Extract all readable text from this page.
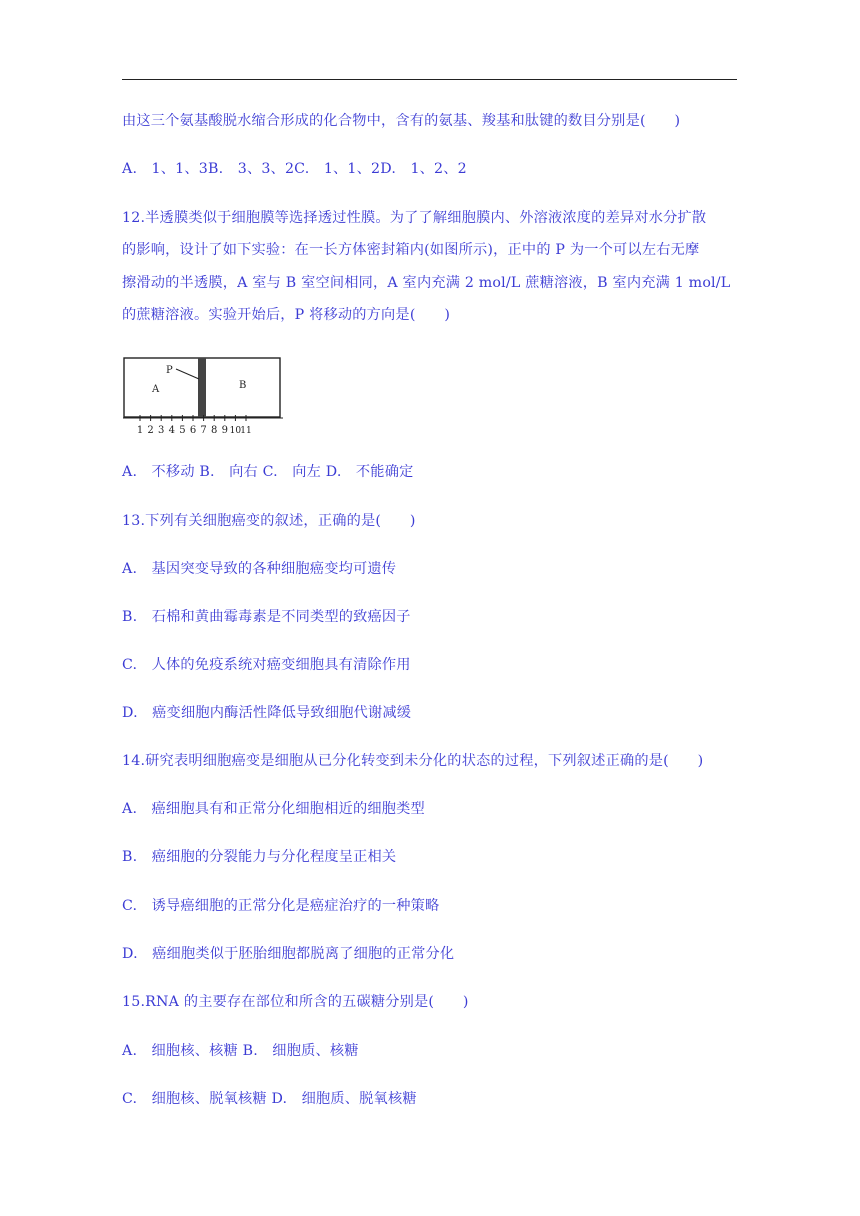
由这三个氨基酸脱水缩合形成的化合物中，含有的氨基、羧基和肽键的数目分别是(　　)
A.　1、1、3B.　3、3、2C.　1、1、2D.　1、2、2
12.半透膜类似于细胞膜等选择透过性膜。为了了解细胞膜内、外溶液浓度的差异对水分扩散
的影响，设计了如下实验：在一长方体密封箱内(如图所示)，正中的 P 为一个可以左右无摩
擦滑动的半透膜，A 室与 B 室空间相同，A 室内充满 2 mol/L 蔗糖溶液，B 室内充满 1 mol/L
的蔗糖溶液。实验开始后，P 将移动的方向是(　　)
P
A	B
1 2 3 4 5 6 7 8 9 10 11
A.　不移动 B.　向右 C.　向左 D.　不能确定
13.下列有关细胞癌变的叙述，正确的是(　　)
A.　基因突变导致的各种细胞癌变均可遗传
B.　石棉和黄曲霉毒素是不同类型的致癌因子
C.　人体的免疫系统对癌变细胞具有清除作用
D.　癌变细胞内酶活性降低导致细胞代谢减缓
14.研究表明细胞癌变是细胞从已分化转变到未分化的状态的过程，下列叙述正确的是(　　)
A.　癌细胞具有和正常分化细胞相近的细胞类型
B.　癌细胞的分裂能力与分化程度呈正相关
C.　诱导癌细胞的正常分化是癌症治疗的一种策略
D.　癌细胞类似于胚胎细胞都脱离了细胞的正常分化
15.RNA 的主要存在部位和所含的五碳糖分别是(　　)
A.　细胞核、核糖 B.　细胞质、核糖
C.　细胞核、脱氧核糖 D.　细胞质、脱氧核糖
